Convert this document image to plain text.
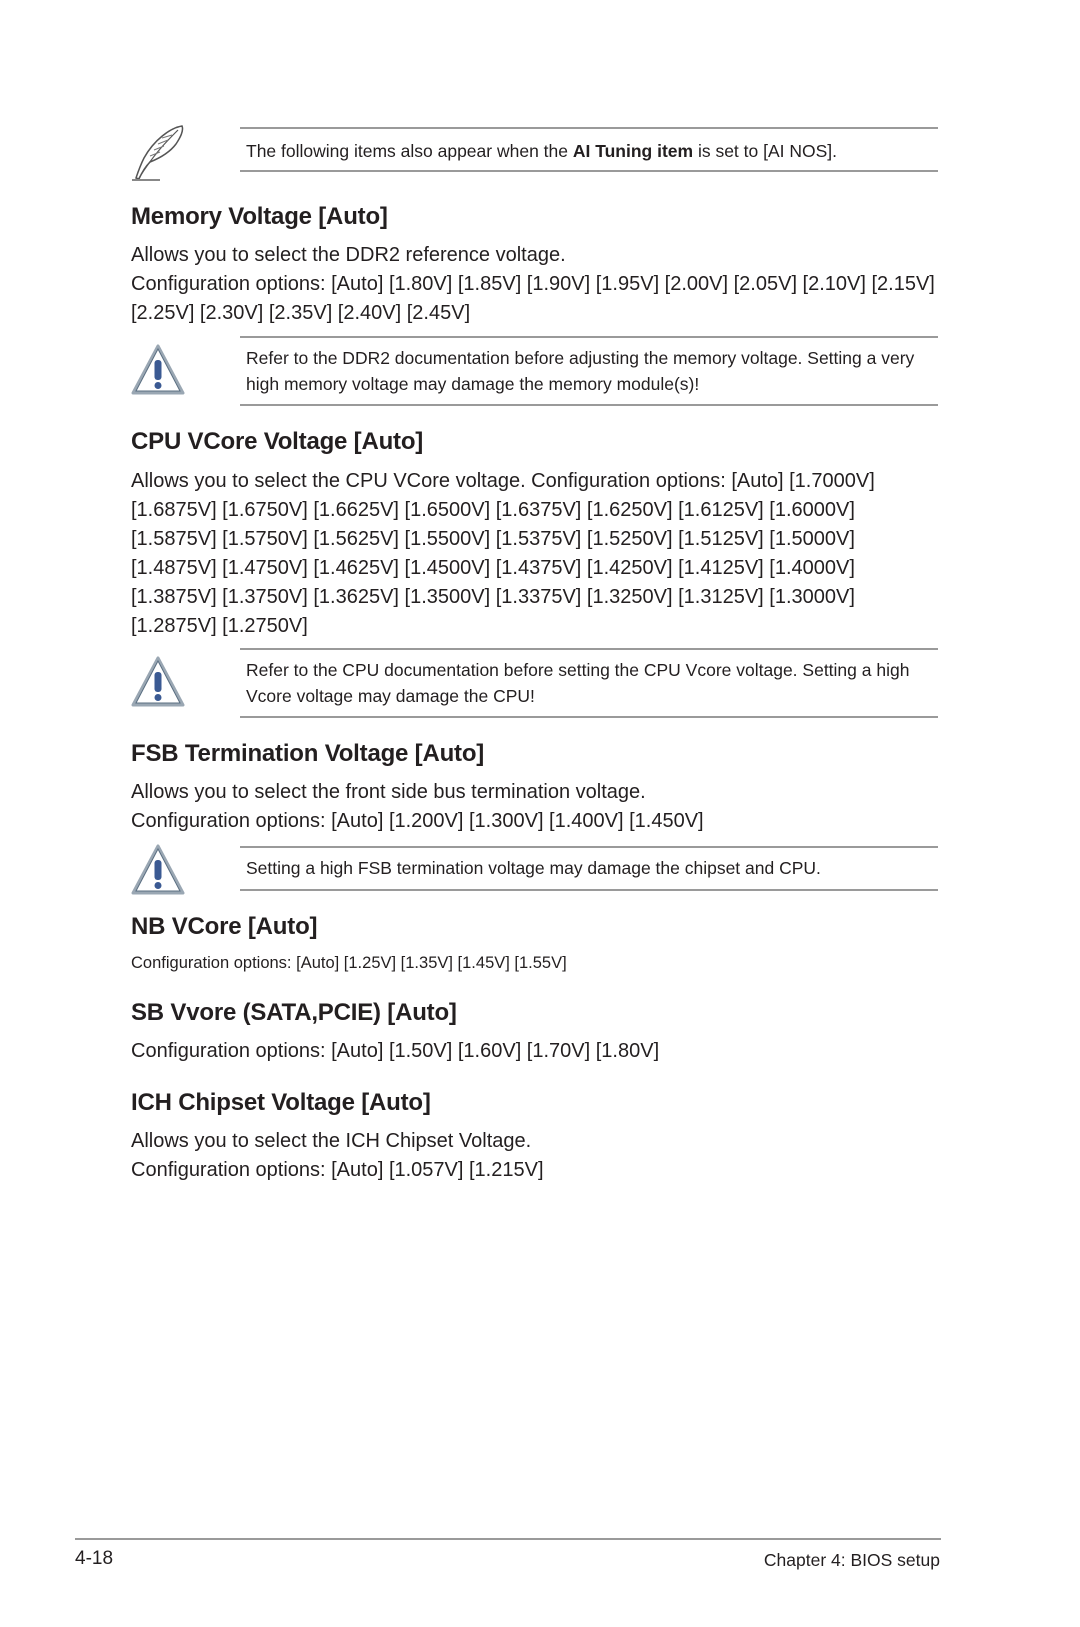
The following items also appear when the AI Tuning item is set to [AI NOS].
Memory Voltage [Auto]

Allows you to select the DDR2 reference voltage.

Configuration options: [Auto] [1.80V] [1.85V] [1.90V] [1.95V] [2.00V] [2.05V] [2.10V] [2.15V] [2.25V] [2.30V] [2.35V] [2.40V] [2.45V]

Refer to the DDR2 documentation before adjusting the memory voltage. Setting a very high memory voltage may damage the memory module(s)!
CPU VCore Voltage [Auto]

Allows you to select the CPU VCore voltage. Configuration options: [Auto] [1.7000V] [1.6875V] [1.6750V] [1.6625V] [1.6500V] [1.6375V] [1.6250V] [1.6125V] [1.6000V] [1.5875V] [1.5750V] [1.5625V] [1.5500V] [1.5375V] [1.5250V] [1.5125V] [1.5000V] [1.4875V] [1.4750V] [1.4625V] [1.4500V] [1.4375V] [1.4250V] [1.4125V] [1.4000V] [1.3875V] [1.3750V] [1.3625V] [1.3500V] [1.3375V] [1.3250V] [1.3125V] [1.3000V] [1.2875V] [1.2750V]

Refer to the CPU documentation before setting the CPU Vcore voltage. Setting a high Vcore voltage may damage the CPU!
FSB Termination Voltage [Auto]

Allows you to select the front side bus termination voltage.

Configuration options: [Auto] [1.200V] [1.300V] [1.400V] [1.450V]

Setting a high FSB termination voltage may damage the chipset and CPU.
NB VCore [Auto]

Configuration options: [Auto] [1.25V] [1.35V] [1.45V] [1.55V]

SB Vvore (SATA,PCIE) [Auto]

Configuration options: [Auto] [1.50V] [1.60V] [1.70V] [1.80V]

ICH Chipset Voltage [Auto]

Allows you to select the ICH Chipset Voltage.

Configuration options: [Auto] [1.057V] [1.215V]

4-18	Chapter 4: BIOS setup
